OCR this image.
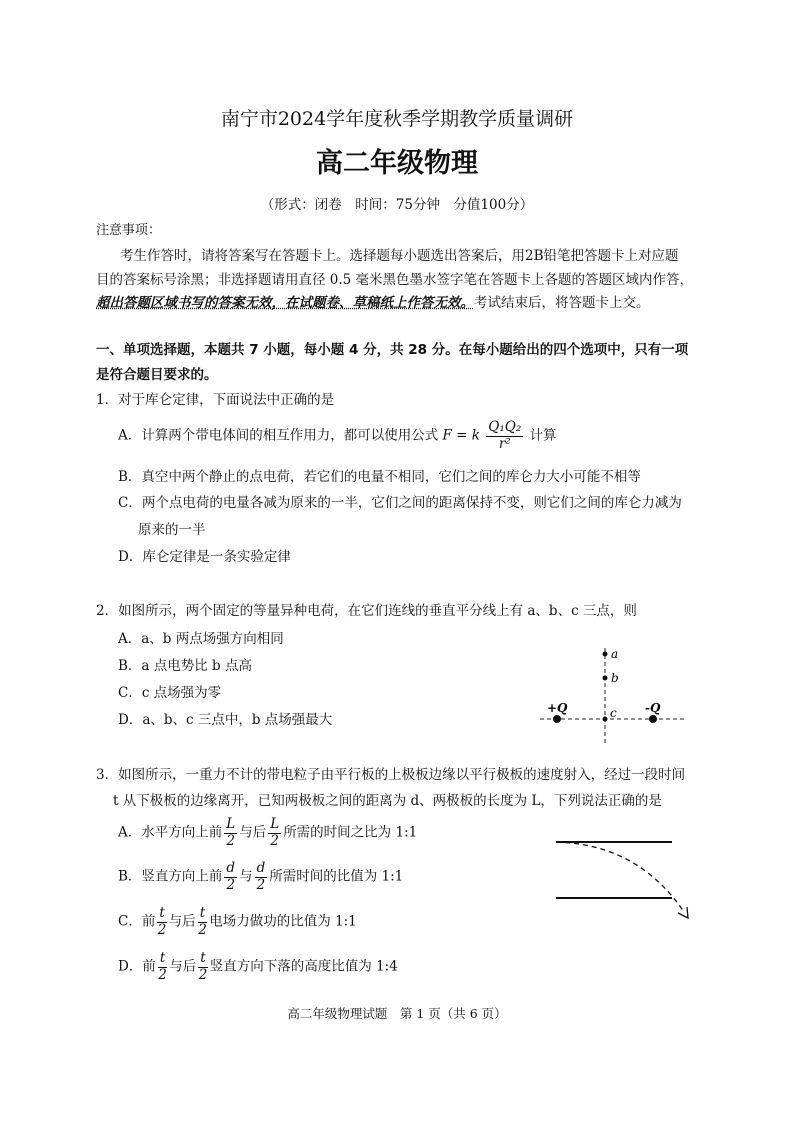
南宁市2024学年度秋季学期教学质量调研
高二年级物理
（形式：闭卷　时间：75分钟　分值100分）
注意事项：
考生作答时，请将答案写在答题卡上。选择题每小题选出答案后，用2B铅笔把答题卡上对应题
目的答案标号涂黑；非选择题请用直径 0.5 毫米黑色墨水签字笔在答题卡上各题的答题区域内作答，
超出答题区域书写的答案无效，在试题卷、草稿纸上作答无效。考试结束后，将答题卡上交。
一、单项选择题，本题共 7 小题，每小题 4 分，共 28 分。在每小题给出的四个选项中，只有一项
是符合题目要求的。
1．对于库仑定律，下面说法中正确的是
A．计算两个带电体间的相互作用力，都可以使用公式 F = k $\frac{\text{Q₁Q₂}}{\text{r²}}$ 计算
B．真空中两个静止的点电荷，若它们的电量不相同，它们之间的库仑力大小可能不相等
C．两个点电荷的电量各减为原来的一半，它们之间的距离保持不变，则它们之间的库仑力减为
原来的一半
D．库仑定律是一条实验定律
2．如图所示，两个固定的等量异种电荷，在它们连线的垂直平分线上有 a、b、c 三点，则
A．a、b 两点场强方向相同
B．a 点电势比 b 点高
C．c 点场强为零
D．a、b、c 三点中，b 点场强最大
+Q	-Q
a
b
c
3．如图所示，一重力不计的带电粒子由平行板的上极板边缘以平行极板的速度射入，经过一段时间
t 从下极板的边缘离开，已知两极板之间的距离为 d、两极板的长度为 L，下列说法正确的是
A．水平方向上前 $\frac{L}{2}$ 与后 $\frac{L}{2}$ 所需的时间之比为 1:1
B．竖直方向上前 $\frac{d}{2}$ 与 $\frac{d}{2}$ 所需时间的比值为 1:1
C．前 $\frac{t}{2}$ 与后 $\frac{t}{2}$ 电场力做功的比值为 1:1
D．前 $\frac{t}{2}$ 与后 $\frac{t}{2}$ 竖直方向下落的高度比值为 1:4
高二年级物理试题　第 1 页（共 6 页）
